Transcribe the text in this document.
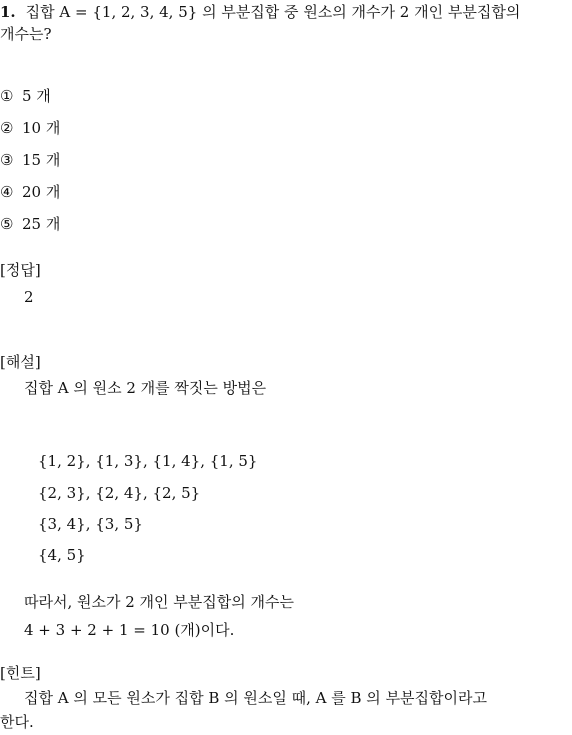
1. 집합 A = {1, 2, 3, 4, 5} 의 부분집합 중 원소의 개수가 2 개인 부분집합의
개수는?
① 5 개
② 10 개
③ 15 개
④ 20 개
⑤ 25 개
[정답]
2
[해설]
집합 A 의 원소 2 개를 짝짓는 방법은
{1, 2}, {1, 3}, {1, 4}, {1, 5}
{2, 3}, {2, 4}, {2, 5}
{3, 4}, {3, 5}
{4, 5}
따라서, 원소가 2 개인 부분집합의 개수는
4 + 3 + 2 + 1 = 10 (개)이다.
[힌트]
집합 A 의 모든 원소가 집합 B 의 원소일 때, A 를 B 의 부분집합이라고
한다.
